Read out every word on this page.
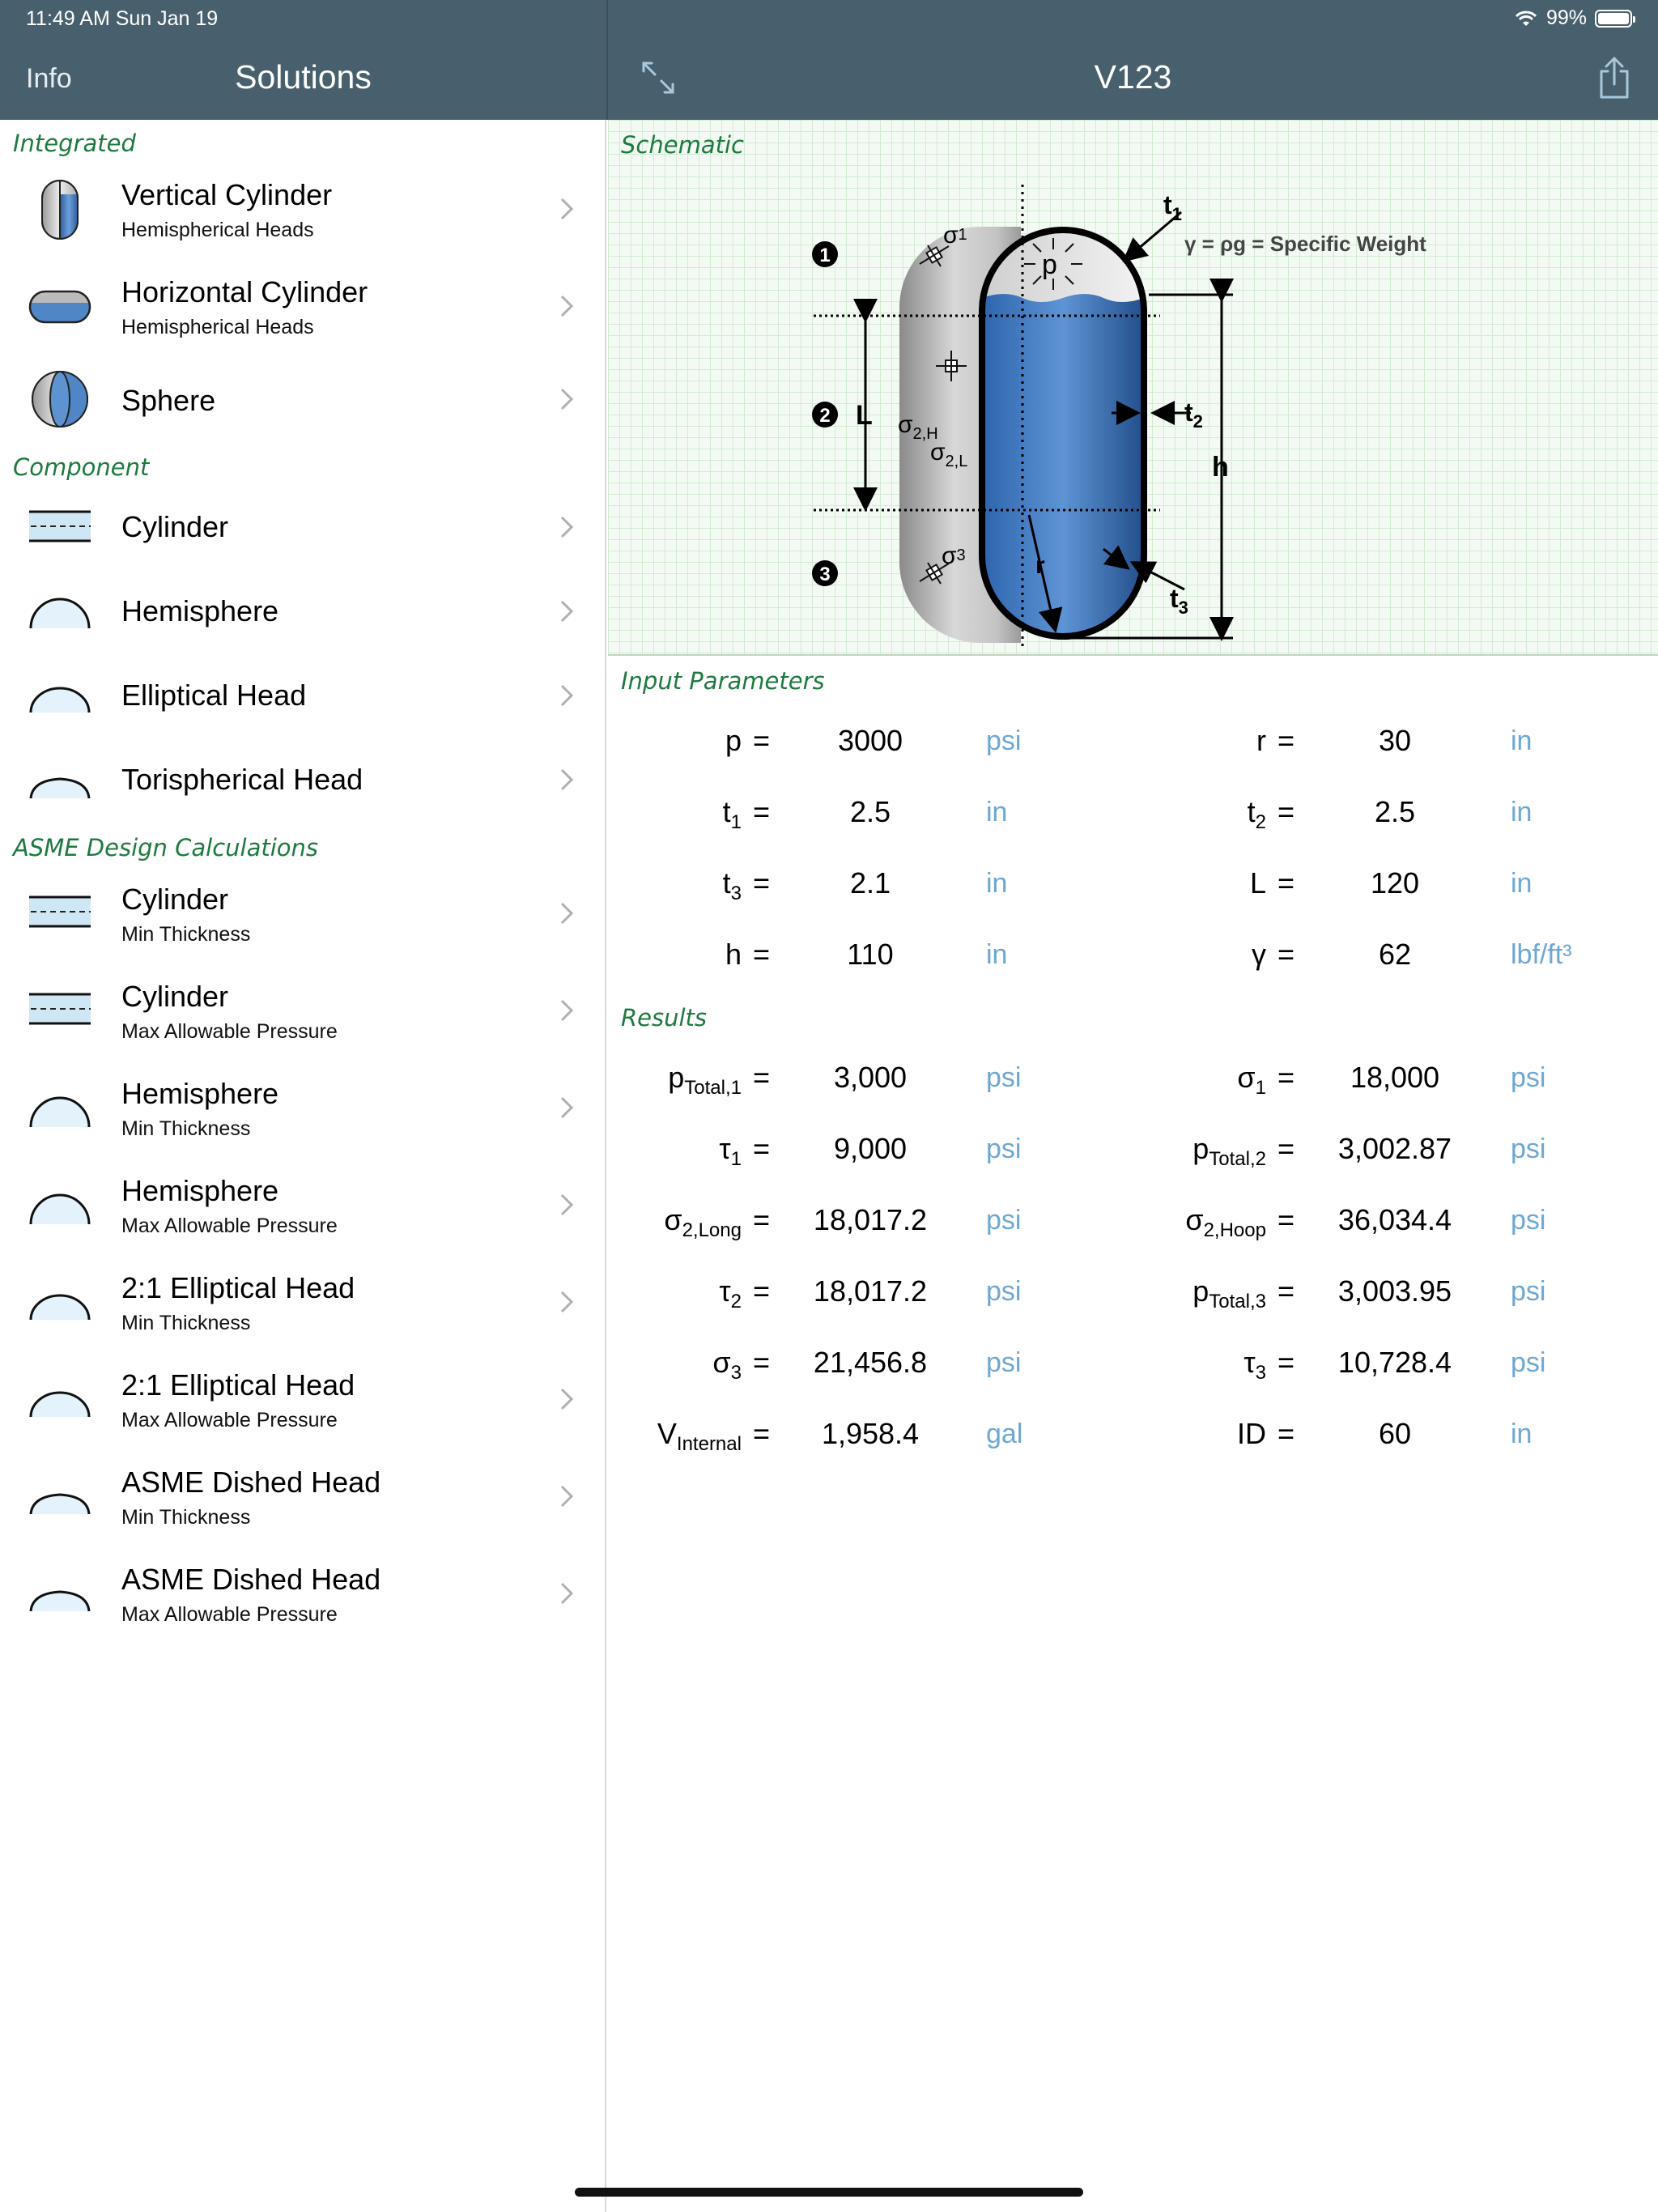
11:49 AM Sun Jan 19	99%
Info	Solutions	V123
Integrated
Vertical Cylinder
Hemispherical Heads
Horizontal Cylinder
Hemispherical Heads
Sphere
Component
Cylinder
Hemisphere
Elliptical Head
Torispherical Head
ASME Design Calculations
Cylinder
Min Thickness
Cylinder
Max Allowable Pressure
Hemisphere
Min Thickness
Hemisphere
Max Allowable Pressure
2:1 Elliptical Head
Min Thickness
2:1 Elliptical Head
Max Allowable Pressure
ASME Dished Head
Min Thickness
ASME Dished Head
Max Allowable Pressure
Schematic
1
2
3
p
L
h
r
$t_1$
$t_2$
$t_3$
σ1
$\sigma_{2,H}$
$\sigma_{2,L}$
σ3
γ = ρg = Specific Weight
Input Parameters
p =	3000	psi	r =	30	in
$t_1$ =	2.5	in	$t_2$ =	2.5	in
$t_3$ =	2.1	in	L =	120	in
h =	110	in	γ =	62	lbf/ft³
Results
$p_{Total,1}$ =	3,000	psi	$\sigma_1$ =	18,000	psi
$\tau_1$ =	9,000	psi	$p_{Total,2}$ =	3,002.87	psi
$\sigma_{2,Long}$ =	18,017.2	psi	$\sigma_{2,Hoop}$ =	36,034.4	psi
$\tau_2$ =	18,017.2	psi	$p_{Total,3}$ =	3,003.95	psi
$\sigma_3$ =	21,456.8	psi	$\tau_3$ =	10,728.4	psi
$V_{Internal}$ =	1,958.4	gal	ID =	60	in
